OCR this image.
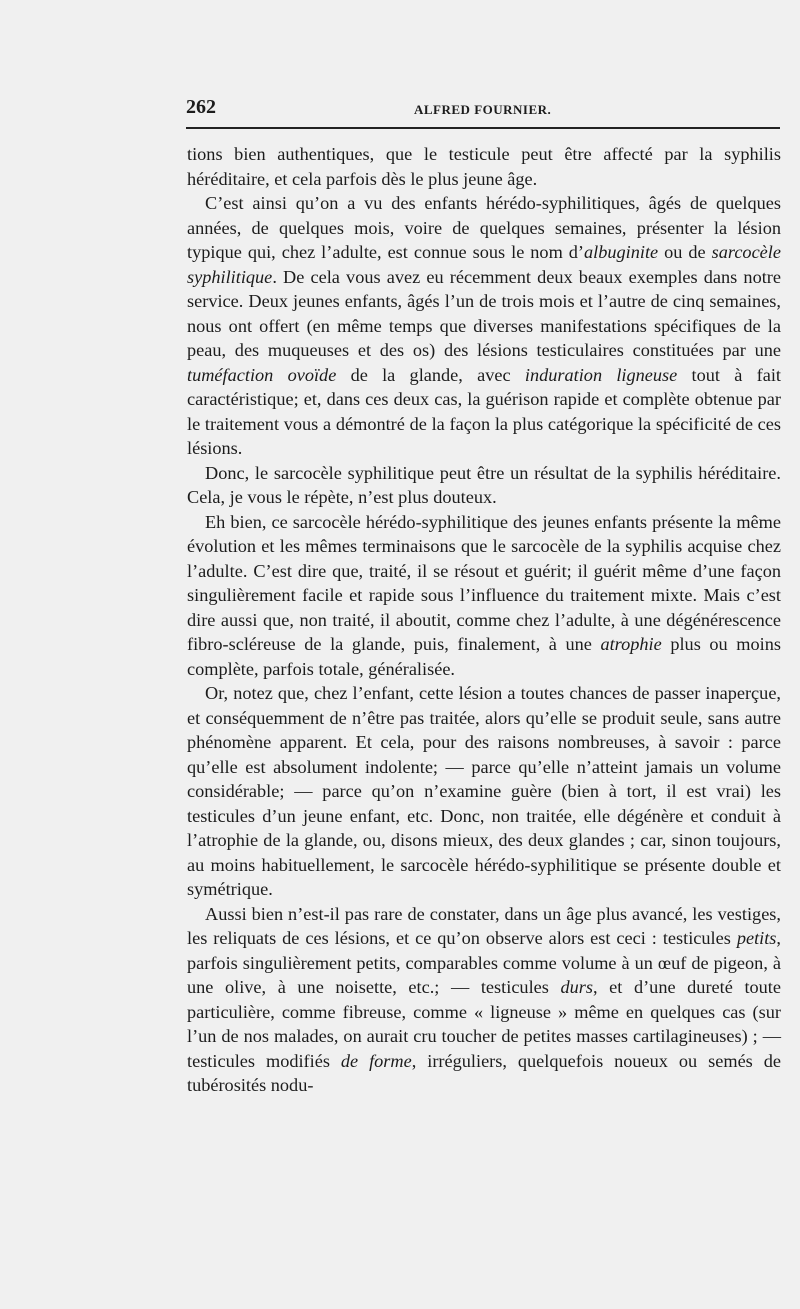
262	ALFRED FOURNIER.

tions bien authentiques, que le testicule peut être affecté par la syphilis héréditaire, et cela parfois dès le plus jeune âge.

C’est ainsi qu’on a vu des enfants hérédo-syphilitiques, âgés de quelques années, de quelques mois, voire de quelques semaines, présenter la lésion typique qui, chez l’adulte, est connue sous le nom d’albuginite ou de sarcocèle syphilitique. De cela vous avez eu récemment deux beaux exemples dans notre service. Deux jeunes enfants, âgés l’un de trois mois et l’autre de cinq semaines, nous ont offert (en même temps que diverses manifestations spécifiques de la peau, des muqueuses et des os) des lésions testiculaires constituées par une tuméfaction ovoïde de la glande, avec induration ligneuse tout à fait caractéristique; et, dans ces deux cas, la guérison rapide et complète obtenue par le traitement vous a démontré de la façon la plus catégorique la spécificité de ces lésions.

Donc, le sarcocèle syphilitique peut être un résultat de la syphilis héréditaire. Cela, je vous le répète, n’est plus douteux.

Eh bien, ce sarcocèle hérédo-syphilitique des jeunes enfants présente la même évolution et les mêmes terminaisons que le sarcocèle de la syphilis acquise chez l’adulte. C’est dire que, traité, il se résout et guérit; il guérit même d’une façon singulièrement facile et rapide sous l’influence du traitement mixte. Mais c’est dire aussi que, non traité, il aboutit, comme chez l’adulte, à une dégénérescence fibro-scléreuse de la glande, puis, finalement, à une atrophie plus ou moins complète, parfois totale, généralisée.

Or, notez que, chez l’enfant, cette lésion a toutes chances de passer inaperçue, et conséquemment de n’être pas traitée, alors qu’elle se produit seule, sans autre phénomène apparent. Et cela, pour des raisons nombreuses, à savoir : parce qu’elle est absolument indolente; — parce qu’elle n’atteint jamais un volume considérable; — parce qu’on n’examine guère (bien à tort, il est vrai) les testicules d’un jeune enfant, etc. Donc, non traitée, elle dégénère et conduit à l’atrophie de la glande, ou, disons mieux, des deux glandes ; car, sinon toujours, au moins habituellement, le sarcocèle hérédo-syphilitique se présente double et symétrique.

Aussi bien n’est-il pas rare de constater, dans un âge plus avancé, les vestiges, les reliquats de ces lésions, et ce qu’on observe alors est ceci : testicules petits, parfois singulièrement petits, comparables comme volume à un œuf de pigeon, à une olive, à une noisette, etc.; — testicules durs, et d’une dureté toute particulière, comme fibreuse, comme « ligneuse » même en quelques cas (sur l’un de nos malades, on aurait cru toucher de petites masses cartilagineuses) ; — testicules modifiés de forme, irréguliers, quelquefois noueux ou semés de tubérosités nodu-
